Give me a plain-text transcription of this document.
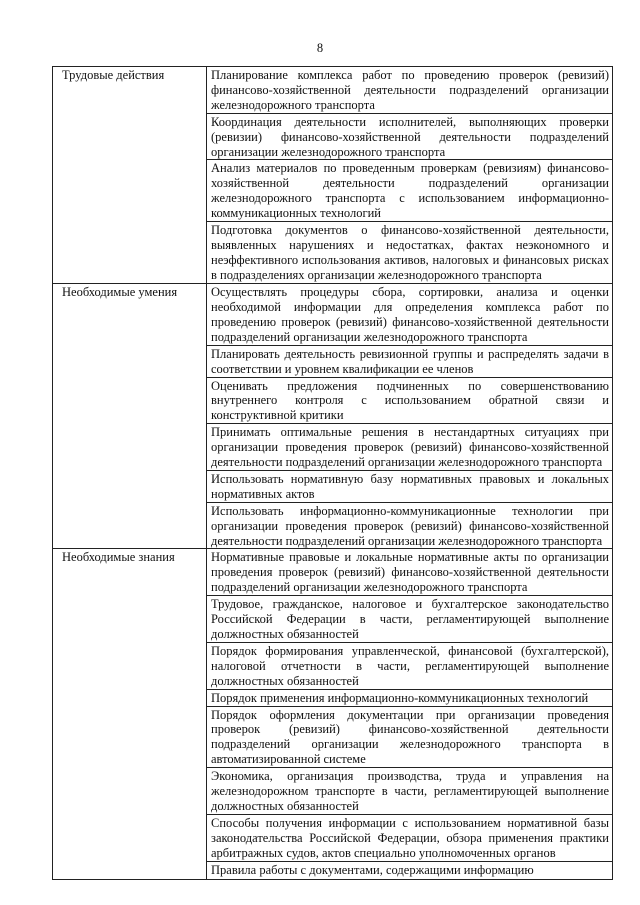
8
Трудовые действия	Планирование комплекса работ по проведению проверок (ревизий) финансово-хозяйственной деятельности подразделений организации железнодорожного транспорта

	Координация деятельности исполнителей, выполняющих проверки (ревизии) финансово-хозяйственной деятельности подразделений организации железнодорожного транспорта

	Анализ материалов по проведенным проверкам (ревизиям) финансово-хозяйственной деятельности подразделений организации железнодорожного транспорта с использованием информационно-коммуникационных технологий

	Подготовка документов о финансово-хозяйственной деятельности, выявленных нарушениях и недостатках, фактах неэкономного и неэффективного использования активов, налоговых и финансовых рисках в подразделениях организации железнодорожного транспорта

Необходимые умения	Осуществлять процедуры сбора, сортировки, анализа и оценки необходимой информации для определения комплекса работ по проведению проверок (ревизий) финансово-хозяйственной деятельности подразделений организации железнодорожного транспорта

	Планировать деятельность ревизионной группы и распределять задачи в соответствии и уровнем квалификации ее членов

	Оценивать предложения подчиненных по совершенствованию внутреннего контроля с использованием обратной связи и конструктивной критики

	Принимать оптимальные решения в нестандартных ситуациях при организации проведения проверок (ревизий) финансово-хозяйственной деятельности подразделений организации железнодорожного транспорта

	Использовать нормативную базу нормативных правовых и локальных нормативных актов

	Использовать информационно-коммуникационные технологии при организации проведения проверок (ревизий) финансово-хозяйственной деятельности подразделений организации железнодорожного транспорта

Необходимые знания	Нормативные правовые и локальные нормативные акты по организации проведения проверок (ревизий) финансово-хозяйственной деятельности подразделений организации железнодорожного транспорта

	Трудовое, гражданское, налоговое и бухгалтерское законодательство Российской Федерации в части, регламентирующей выполнение должностных обязанностей

	Порядок формирования управленческой, финансовой (бухгалтерской), налоговой отчетности в части, регламентирующей выполнение должностных обязанностей

	Порядок применения информационно-коммуникационных технологий

	Порядок оформления документации при организации проведения проверок (ревизий) финансово-хозяйственной деятельности подразделений организации железнодорожного транспорта в автоматизированной системе

	Экономика, организация производства, труда и управления на железнодорожном транспорте в части, регламентирующей выполнение должностных обязанностей

	Способы получения информации с использованием нормативной базы законодательства Российской Федерации, обзора применения практики арбитражных судов, актов специально уполномоченных органов

	Правила работы с документами, содержащими информацию
